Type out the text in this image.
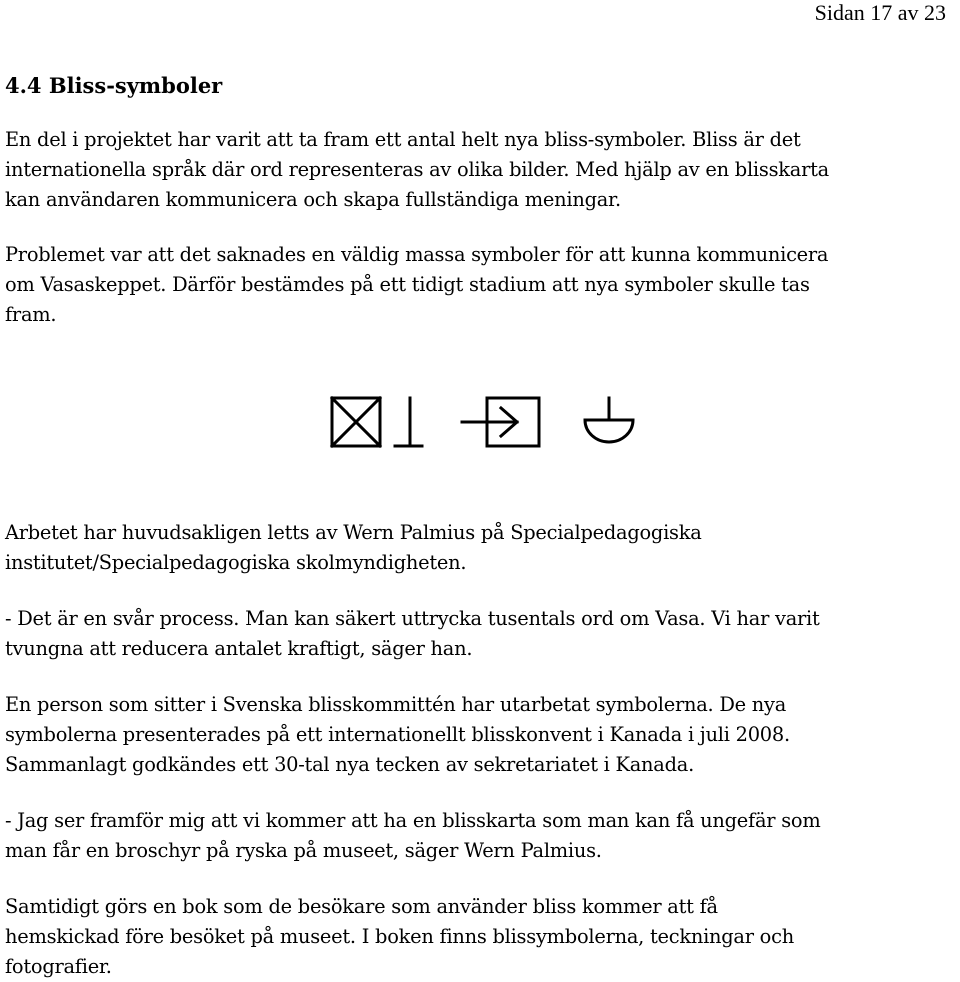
Sidan 17 av 23
4.4 Bliss-symboler
En del i projektet har varit att ta fram ett antal helt nya bliss-symboler. Bliss är det
internationella språk där ord representeras av olika bilder. Med hjälp av en blisskarta
kan användaren kommunicera och skapa fullständiga meningar.
Problemet var att det saknades en väldig massa symboler för att kunna kommunicera
om Vasaskeppet. Därför bestämdes på ett tidigt stadium att nya symboler skulle tas
fram.
Arbetet har huvudsakligen letts av Wern Palmius på Specialpedagogiska
institutet/Specialpedagogiska skolmyndigheten.
- Det är en svår process. Man kan säkert uttrycka tusentals ord om Vasa. Vi har varit
tvungna att reducera antalet kraftigt, säger han.
En person som sitter i Svenska blisskommittén har utarbetat symbolerna. De nya
symbolerna presenterades på ett internationellt blisskonvent i Kanada i juli 2008.
Sammanlagt godkändes ett 30-tal nya tecken av sekretariatet i Kanada.
- Jag ser framför mig att vi kommer att ha en blisskarta som man kan få ungefär som
man får en broschyr på ryska på museet, säger Wern Palmius.
Samtidigt görs en bok som de besökare som använder bliss kommer att få
hemskickad före besöket på museet. I boken finns blissymbolerna, teckningar och
fotografier.
